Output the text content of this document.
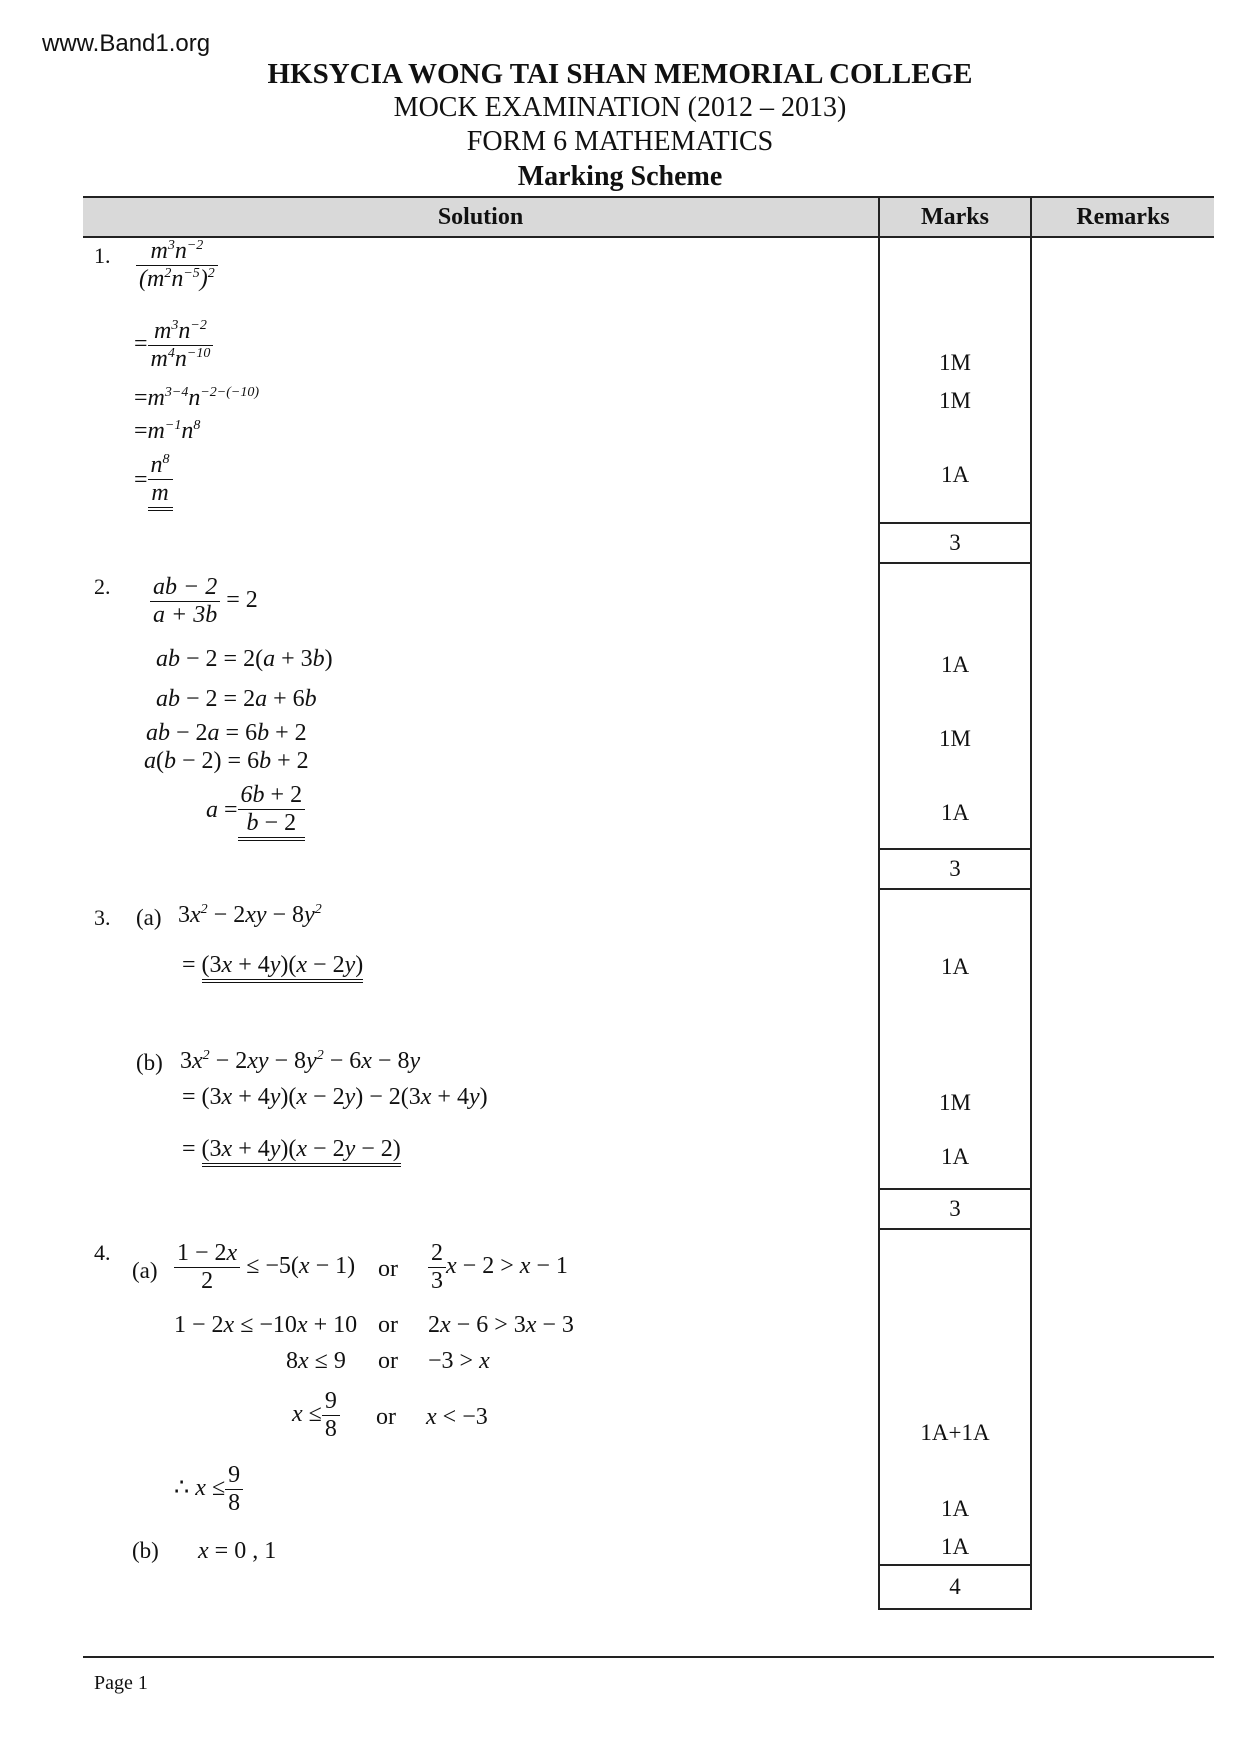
www.Band1.org
HKSYCIA WONG TAI SHAN MEMORIAL COLLEGE
MOCK EXAMINATION (2012 – 2013)
FORM 6 MATHEMATICS
Marking Scheme
Solution	Marks	Remarks
1. $\frac{m^3n^{-2}}{(m^2n^{-5})^2}$
= $\frac{m^3n^{-2}}{m^4n^{-10}}$
$=m^{3-4}n^{-2-(-10)}$
$=m^{-1}n^8$
= $\frac{n^8}{m}$
1M
1M
1A
3
2. $\frac{ab - 2}{a + 3b} = 2$
ab − 2 = 2(a + 3b)
ab − 2 = 2a + 6b
ab − 2a = 6b + 2
a(b − 2) = 6b + 2
$a = \frac{6b + 2}{b - 2}$
1A
1M
1A
3
3. (a) $3x^2 - 2xy - 8y^2$
= (3x + 4y)(x − 2y)
(b) $3x^2 - 2xy - 8y^2 - 6x - 8y$
= (3x + 4y)(x − 2y) − 2(3x + 4y)
= (3x + 4y)(x − 2y − 2)
1A
1M
1A
3
4.
$(a) \frac{1 - 2x}{2} \le -5(x - 1)$ or $\frac{2}{3}$ x − 2 > x − 1
1 − 2x ≤ −10x + 10 or 2x − 6 > 3x − 3
8x ≤ 9 or −3 > x
$x \le \frac{9}{8}$ or x < −3
∴ $x \le \frac{9}{8}$
(b) x = 0 , 1
1A+1A
1A
1A
4
Page 1
